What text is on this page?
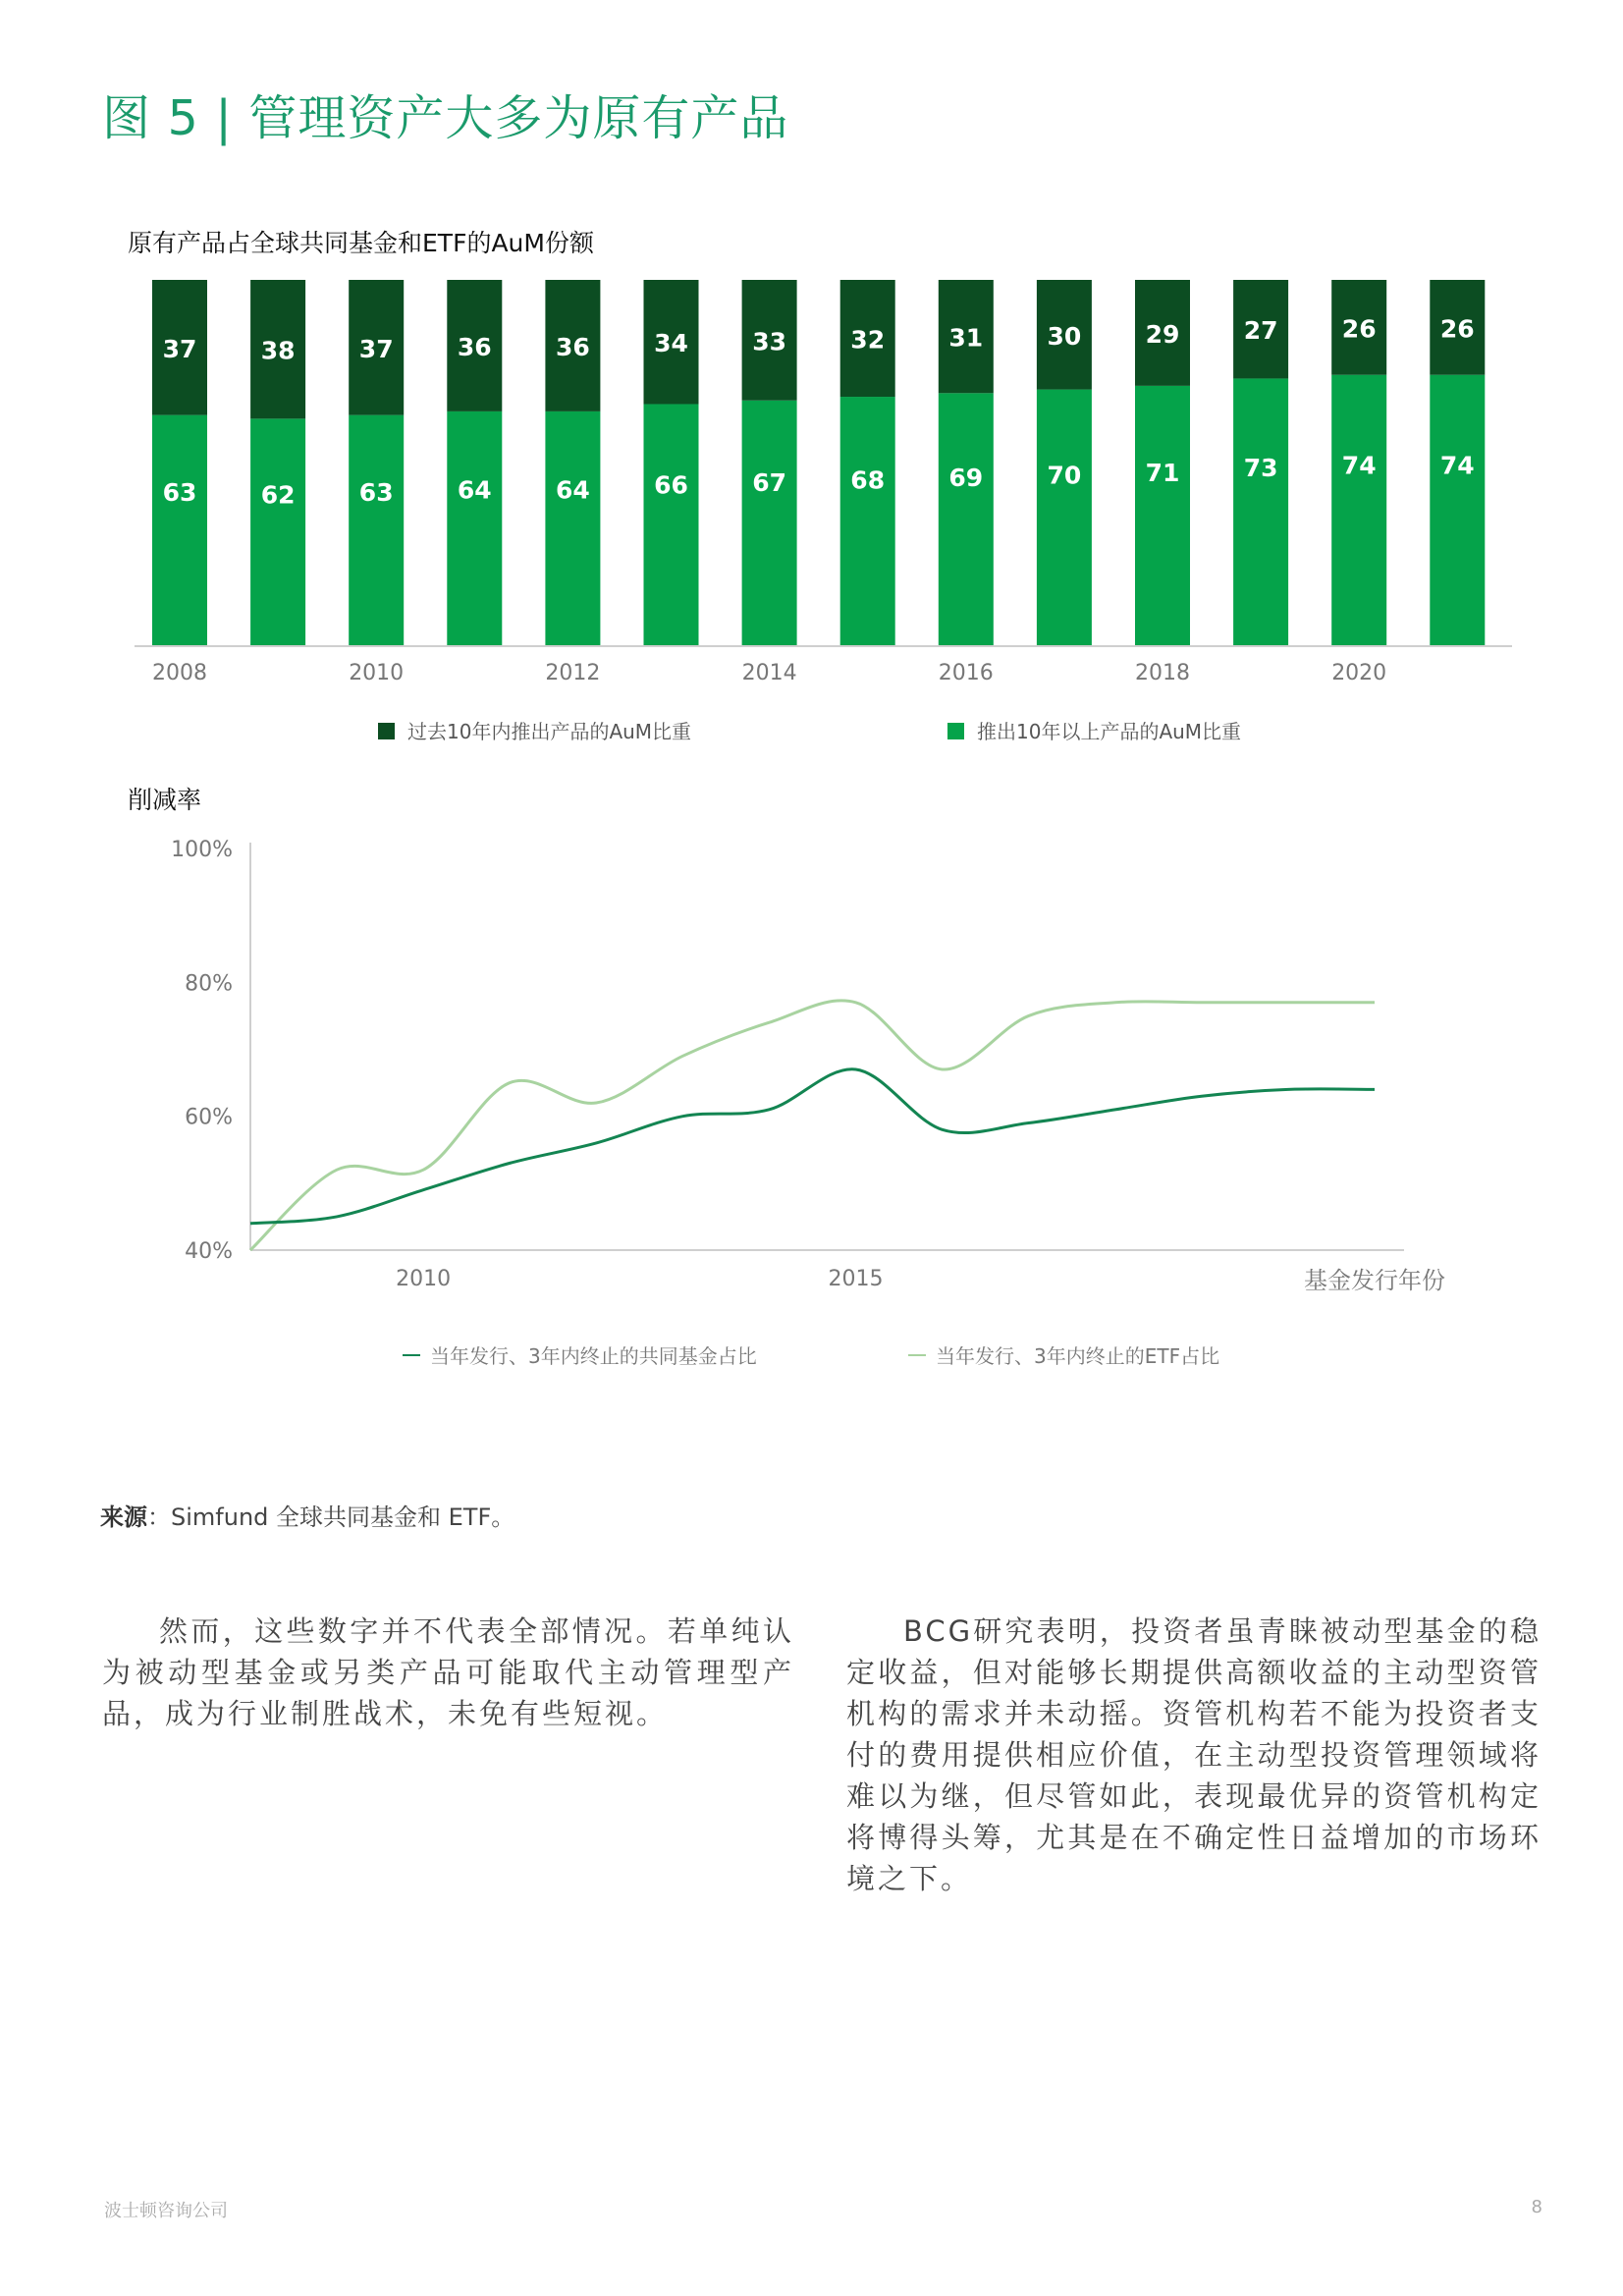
图 5 | 管理资产大多为原有产品
原有产品占全球共同基金和ETF的AuM份额
63
37
62
38
63
37
64
36
64
36
66
34
67
33
68
32
69
31
70
30
71
29
73
27
74
26
74
26
2008	2010	2012	2014	2016	2018	2020
过去10年内推出产品的AuM比重	推出10年以上产品的AuM比重
削减率
40%
60%
80%
100%
2010	2015	基金发行年份
当年发行、3年内终止的共同基金占比	当年发行、3年内终止的ETF占比
来源：Simfund 全球共同基金和 ETF。
然而，这些数字并不代表全部情况。若单纯认为被动型基金或另类产品可能取代主动管理型产品，成为行业制胜战术，未免有些短视。
BCG研究表明，投资者虽青睐被动型基金的稳定收益，但对能够长期提供高额收益的主动型资管机构的需求并未动摇。资管机构若不能为投资者支付的费用提供相应价值，在主动型投资管理领域将难以为继，但尽管如此，表现最优异的资管机构定将博得头筹，尤其是在不确定性日益增加的市场环境之下。
波士顿咨询公司	8
